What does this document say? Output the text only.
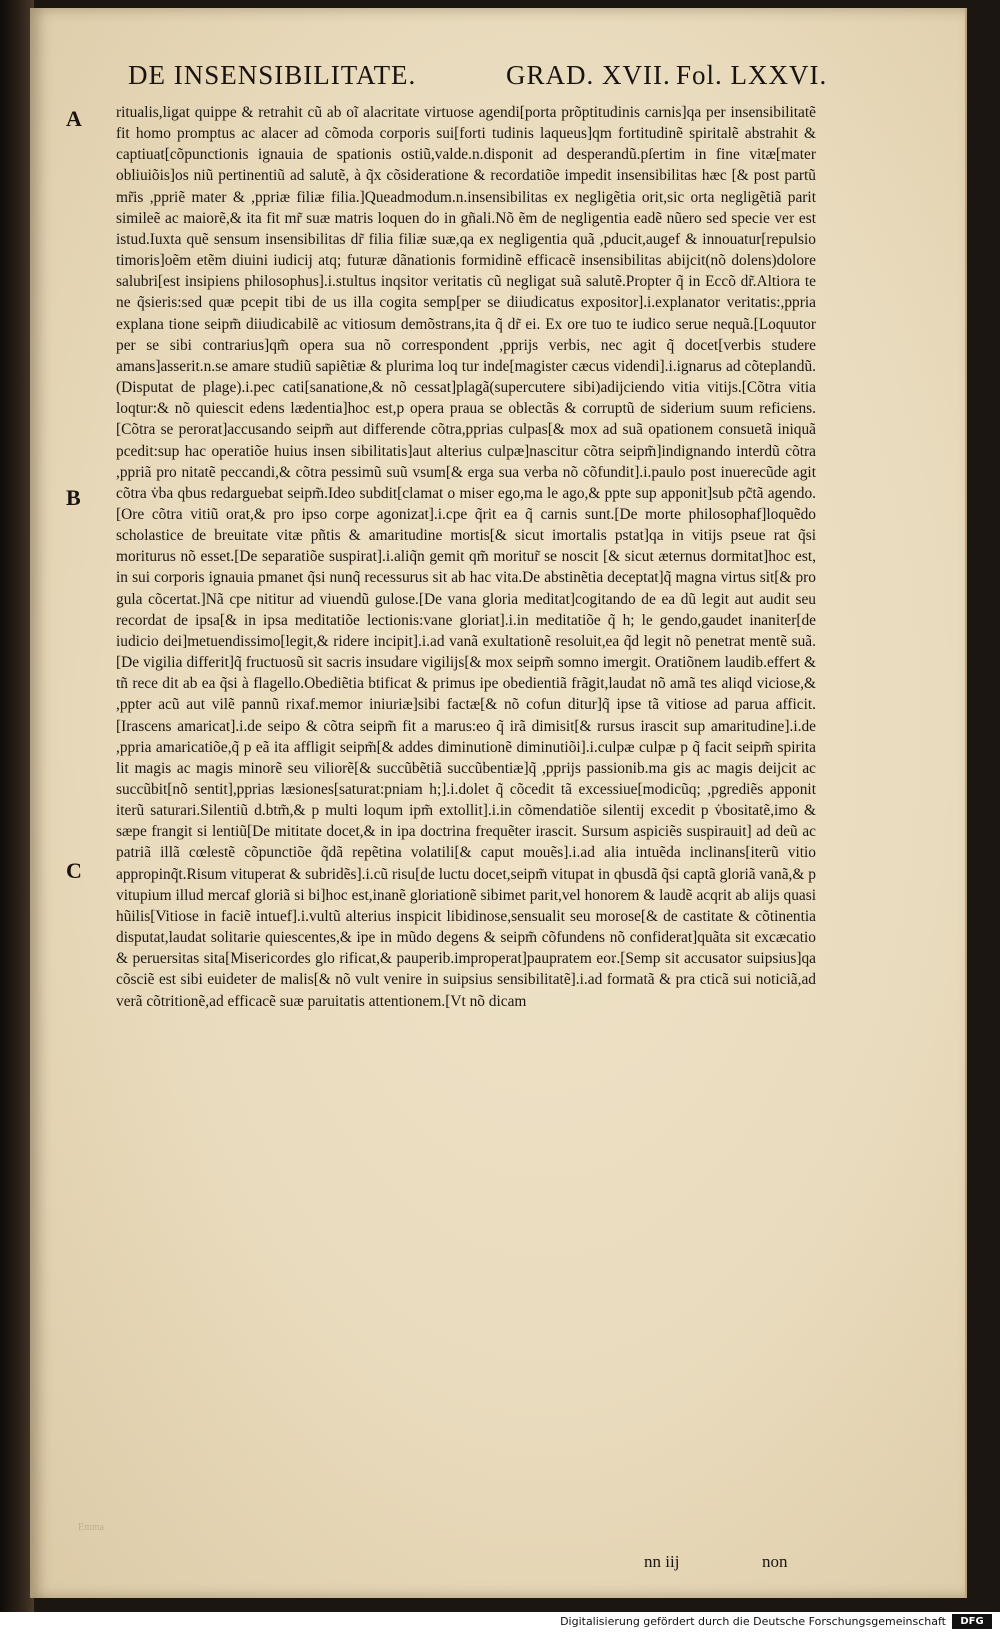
DE INSENSIBILITATE.	GRAD. XVII. Fol. LXXVI.
A
B
C

ritualis,ligat quippe & retrahit cũ ab oĩ alacritate virtuose agendi[porta prõptitudinis carnis]qa per insensibilitatẽ fit homo promptus ac alacer ad cõmoda corporis sui[forti tudinis laqueus]qm fortitudinẽ spiritalẽ abstrahit & captiuat[cõpunctionis ignauia de spationis ostiũ,valde.n.disponit ad desperandũ.pſertim in fine vitæ[mater obliuiõis]os niũ pertinentiũ ad salutẽ, à q̃x cõsideratione & recordatiõe impedit insensibilitas hæc [& post partũ mr̃is ,ppriẽ mater & ,ppriæ filiæ filia.]Queadmodum.n.insensibilitas ex negligẽtia orit,sic orta negligẽtiã parit simileẽ ac maiorẽ,& ita fit mr̃ suæ matris loquen do in gñali.Nõ ẽm de negligentia eadẽ nũero sed specie ve𝔯 est istud.Iuxta quẽ sensum insensibilitas dr̃ filia filiæ suæ,qa ex negligentia quã ,pducit,augef & innouatur[repulsio timoris]oẽm etẽm diuini iudicij atq; futuræ dãnationis formidinẽ efficacẽ insensibilitas abijcit(nõ dolens)dolore salubri[est insipiens philosophus].i.stultus inqsitor veritatis cũ negligat suã salutẽ.Propter q̃ in Eccõ dr̃.Altiora te ne q̃sieris:sed quæ pcepit tibi de us illa cogita semp[per se diiudicatus expositor].i.explanator veritatis:,ppria explana tione seipm̃ diiudicabilẽ ac vitiosum demõstrans,ita q̃ dr̃ ei. Ex ore tuo te iudico serue nequã.[Loquutor per se sibi contrarius]qm̃ opera sua nõ correspondent ,pprijs verbis, nec agit q̃ docet[verbis studere amans]asserit.n.se amare studiũ sapiẽtiæ & plurima loq tur inde[magister cæcus videndi].i.ignarus ad cõteplandũ.(Disputat de plage).i.pec cati[sanatione,& nõ cessat]plagã(supercutere sibi)adijciendo vitia vitijs.[Cõtra vitia loqtur:& nõ quiescit edens lædentia]hoc est,p opera praua se oblectãs & corruptũ de siderium suum reficiens.[Cõtra se perorat]accusando seipm̃ aut differende cõtra,pprias culpas[& mox ad suã opationem consuetã iniquã pcedit:sup hac operatiõe huius insen sibilitatis]aut alterius culpæ]nascitur cõtra seipm̃]indignando interdũ cõtra ,ppriã pro nitatẽ peccandi,& cõtra pessimũ suũ vsum[& erga sua verba nõ cõfundit].i.paulo post inuerecũde agit cõtra v̇ba qbus redarguebat seipm̃.Ideo subdit[clamat o miser ego,ma le ago,& ppte sup apponit]sub pc̃tã agendo.[Ore cõtra vitiũ orat,& pro ipso corpe agonizat].i.cpe q̃rit ea q̃ carnis sunt.[De morte philosophaf]loquẽdo scholastice de breuitate vitæ pñtis & amaritudine mortis[& sicut imortalis pstat]qa in vitijs pseue rat q̃si moriturus nõ esset.[De separatiõe suspirat].i.aliq̃n gemit qm̃ moritur̃ se noscit [& sicut æternus dormitat]hoc est, in sui corporis ignauia pmanet q̃si nunq̃ recessurus sit ab hac vita.De abstinẽtia deceptat]q̃ magna virtus sit[& pro gula cõcertat.]Nã cpe nititur ad viuendũ gulose.[De vana gloria meditat]cogitando de ea dũ legit aut audit seu recordat de ipsa[& in ipsa meditatiõe lectionis:vane gloriat].i.in meditatiõe q̃ h; le gendo,gaudet inaniter[de iudicio dei]metuendissimo[legit,& ridere incipit].i.ad vanã exultationẽ resoluit,ea q̃d legit nõ penetrat mentẽ suã.[De vigilia differit]q̃ fructuosũ sit sacris insudare vigilijs[& mox seipm̃ somno imergit. Oratiõnem laudib.effert & tñ rece dit ab ea q̃si à flagello.Obediẽtia btificat & primus ipe obedientiã frãgit,laudat nõ amã tes aliqd viciose,& ,ppter acũ aut vilẽ pannũ rixaf.memor iniuriæ]sibi factæ[& nõ cofun ditur]q̃ ipse tã vitiose ad parua afficit.[Irascens amaricat].i.de seipo & cõtra seipm̃ fit a marus:eo q̃ irã dimisit[& rursus irascit sup amaritudine].i.de ,ppria amaricatiõe,q̃ p eã ita affligit seipm̃[& addes diminutionẽ diminutiõi].i.culpæ culpæ p q̃ facit seipm̃ spirita lit magis ac magis minorẽ seu viliorẽ[& succũbẽtiã succũbentiæ]q̃ ,pprijs passionib.ma gis ac magis deijcit ac succũbit[nõ sentit],pprias læsiones[saturat:pniam h;].i.dolet q̃ cõcedit tã excessiue[modicũq; ,pgrediẽs apponit iterũ saturari.Silentiũ d.btm̃,& p multi loqum ipm̃ extollit].i.in cõmendatiõe silentij excedit p v̇bositatẽ,imo & sæpe frangit si lentiũ[De mititate docet,& in ipa doctrina frequẽter irascit. Sursum aspiciẽs suspirauit] ad deũ ac patriã illã cœlestẽ cõpunctiõe q̃dã repẽtina volatili[& caput mouẽs].i.ad alia intuẽda inclinans[iterũ vitio appropinq̃t.Risum vituperat & subridẽs].i.cũ risu[de luctu docet,seipm̃ vitupat in qbusdã q̃si captã gloriã vanã,& p vitupium illud mercaf gloriã si bi]hoc est,inanẽ gloriationẽ sibimet parit,vel honorem & laudẽ acqrit ab alijs quasi hũilis[Vitiose in faciẽ intuef].i.vultũ alterius inspicit libidinose,sensualit seu morose[& de castitate & cõtinentia disputat,laudat solitarie quiescentes,& ipe in mũdo degens & seipm̃ cõfundens nõ confiderat]quãta sit excæcatio & peruersitas sita[Misericordes glo rificat,& pauperib.improperat]paupratem eo𝔯.[Semp sit accusator suipsius]qa cõsciẽ est sibi euideter de malis[& nõ vult venire in suipsius sensibilitatẽ].i.ad formatã & pra cticã sui noticiã,ad verã cõtritionẽ,ad efficacẽ suæ paruitatis attentionem.[Vt nõ dicam

Emma
nn iij	non
Digitalisierung gefördert durch die Deutsche Forschungsgemeinschaft	DFG
